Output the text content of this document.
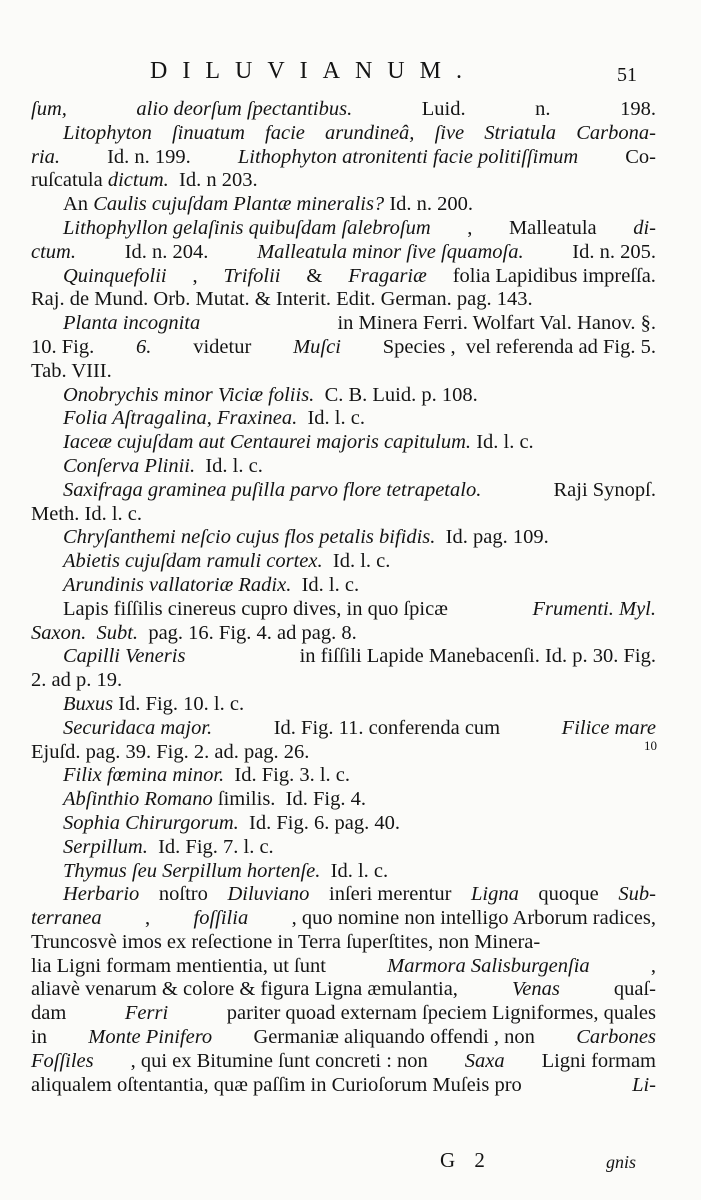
DILUVIANUM.	51
ſum,	alio deorſum ſpectantibus.	Luid.	n.	198.
Litophyton ſinuatum facie arundineâ, ſive Striatula Carbona-
ria. Id. n. 199. Lithophyton atronitenti facie politiſſimum Co-
ruſcatula dictum. Id. n 203.
An Caulis cujuſdam Plantæ mineralis? Id. n. 200.
Lithophyllon gelaſinis quibuſdam ſalebroſum , Malleatula di-
ctum. Id. n. 204. Malleatula minor ſive ſquamoſa. Id. n. 205.
Quinquefolii , Trifolii & Fragariæ folia Lapidibus impreſſa.
Raj. de Mund. Orb. Mutat. & Interit. Edit. German. pag. 143.
Planta incognita	in Minera Ferri. Wolfart Val. Hanov. §.
10. Fig. 6. videtur Muſci Species ,  vel referenda ad Fig. 5.
Tab. VIII.
Onobrychis minor Viciæ foliis. C. B. Luid. p. 108.
Folia Aſtragalina , Fraxinea. Id. l. c.
Iaceæ cujuſdam aut Centaurei majoris capitulum. Id. l. c.
Conſerva Plinii. Id. l. c.
Saxifraga gramineа puſilla parvo flore tetrapetalo.	Raji Synopſ.
Meth. Id. l. c.
Chryſanthemi neſcio cujus flos petalis bifidis. Id. pag. 109.
Abietis cujuſdam ramuli cortex. Id. l. c.
Arundinis vallatoriæ Radix. Id. l. c.
Lapis fiſſilis cinereus cupro dives, in quo ſpicæ	Frumenti. Myl.
Saxon.
Subt. pag. 16. Fig. 4. ad pag. 8.
Capilli Veneris	in fiſſili Lapide Manebacenſi. Id. p. 30. Fig.
2. ad p. 19.
Buxus Id. Fig. 10. l. c.
Securidaca major.	Id. Fig. 11. conferenda cum	Filice mare
Ejuſd. pag. 39. Fig. 2. ad. pag. 26.
Filix fœmina minor. Id. Fig. 3. l. c.
Abſinthio Romano ſimilis.  Id. Fig. 4.
Sophia Chirurgorum. Id. Fig. 6. pag. 40.
Serpillum. Id. Fig. 7. l. c.
Thymus ſeu Serpillum hortenſe. Id. l. c.
Herbario noſtro Diluviano inſeri merentur Ligna quoque Sub-
terranea , foſſilia , quo nomine non intelligo Arborum radices,
Truncosvè imos ex reſectione in Terra ſuperſtites, non Minera-
lia Ligni formam mentientia, ut ſunt	Marmora Salisburgenſia	,
aliavè venarum & colore & figura Ligna æmulantia,	Venas	quaſ-
dam	Ferri	pariter quoad externam ſpeciem Ligniformes, quales
in Monte Pinifero Germaniæ aliquando offendi , non Carbones
Foſſiles , qui ex Bitumine ſunt concreti : non Saxa Ligni formam
aliqualem oſtentantia, quæ paſſim in Curioſorum Muſeis pro	Li-
10
G 2	gnis
